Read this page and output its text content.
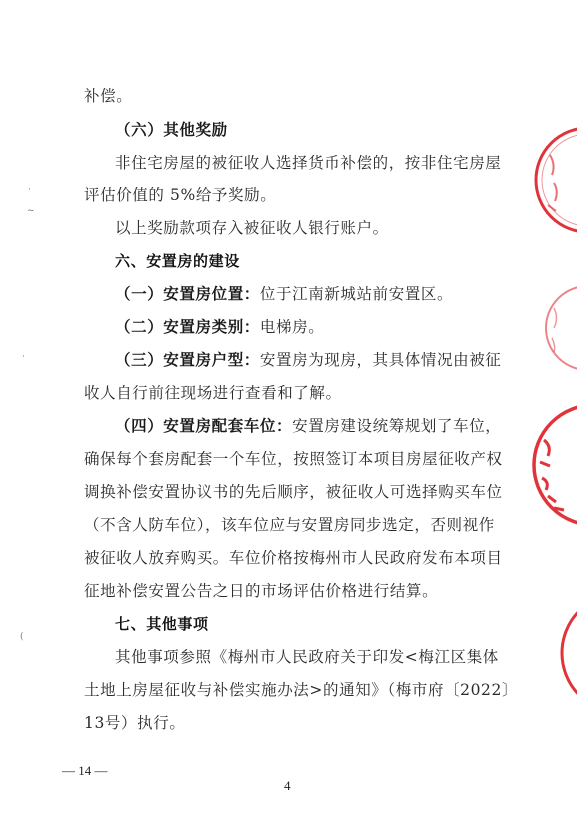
补偿。
（六）其他奖励
非住宅房屋的被征收人选择货币补偿的，按非住宅房屋
评估价值的 5%给予奖励。
以上奖励款项存入被征收人银行账户。
六、安置房的建设
（一）安置房位置：位于江南新城站前安置区。
（二）安置房类别：电梯房。
（三）安置房户型：安置房为现房，其具体情况由被征
收人自行前往现场进行查看和了解。
（四）安置房配套车位：安置房建设统筹规划了车位，
确保每个套房配套一个车位，按照签订本项目房屋征收产权
调换补偿安置协议书的先后顺序，被征收人可选择购买车位
（不含人防车位），该车位应与安置房同步选定，否则视作
被征收人放弃购买。车位价格按梅州市人民政府发布本项目
征地补偿安置公告之日的市场评估价格进行结算。
七、其他事项
其他事项参照《梅州市人民政府关于印发<梅江区集体
土地上房屋征收与补偿实施办法>的通知》（梅市府〔2022〕
13号）执行。
·
~
·
(
— 14 —
4
